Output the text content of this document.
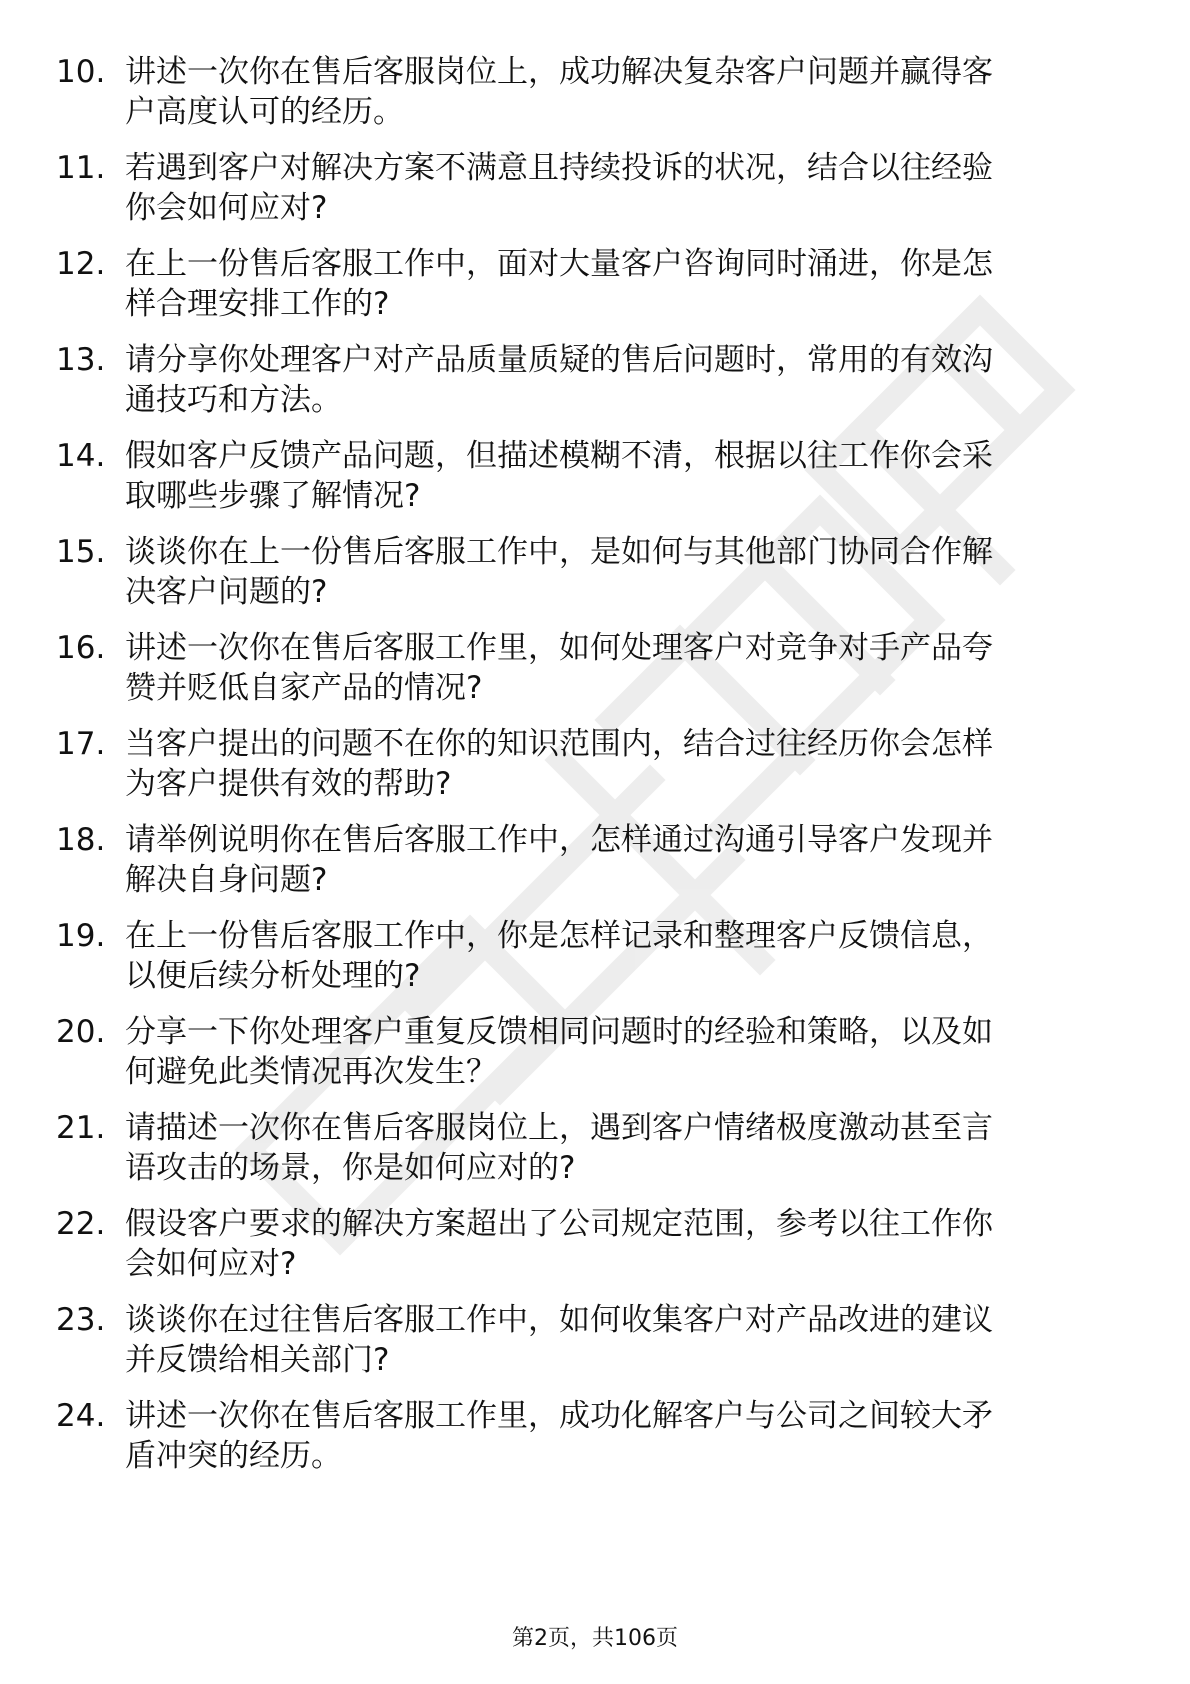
10. 讲述一次你在售后客服岗位上，成功解决复杂客户问题并赢得客
户高度认可的经历。
11. 若遇到客户对解决方案不满意且持续投诉的状况，结合以往经验
你会如何应对?
12. 在上一份售后客服工作中，面对大量客户咨询同时涌进，你是怎
样合理安排工作的?
13. 请分享你处理客户对产品质量质疑的售后问题时，常用的有效沟
通技巧和方法。
14. 假如客户反馈产品问题，但描述模糊不清，根据以往工作你会采
取哪些步骤了解情况?
15. 谈谈你在上一份售后客服工作中，是如何与其他部门协同合作解
决客户问题的?
16. 讲述一次你在售后客服工作里，如何处理客户对竞争对手产品夸
赞并贬低自家产品的情况?
17. 当客户提出的问题不在你的知识范围内，结合过往经历你会怎样
为客户提供有效的帮助?
18. 请举例说明你在售后客服工作中，怎样通过沟通引导客户发现并
解决自身问题?
19. 在上一份售后客服工作中，你是怎样记录和整理客户反馈信息，
以便后续分析处理的?
20. 分享一下你处理客户重复反馈相同问题时的经验和策略，以及如
何避免此类情况再次发生？
21. 请描述一次你在售后客服岗位上，遇到客户情绪极度激动甚至言
语攻击的场景，你是如何应对的?
22. 假设客户要求的解决方案超出了公司规定范围，参考以往工作你
会如何应对?
23. 谈谈你在过往售后客服工作中，如何收集客户对产品改进的建议
并反馈给相关部门?
24. 讲述一次你在售后客服工作里，成功化解客户与公司之间较大矛
盾冲突的经历。
第2页，共106页
